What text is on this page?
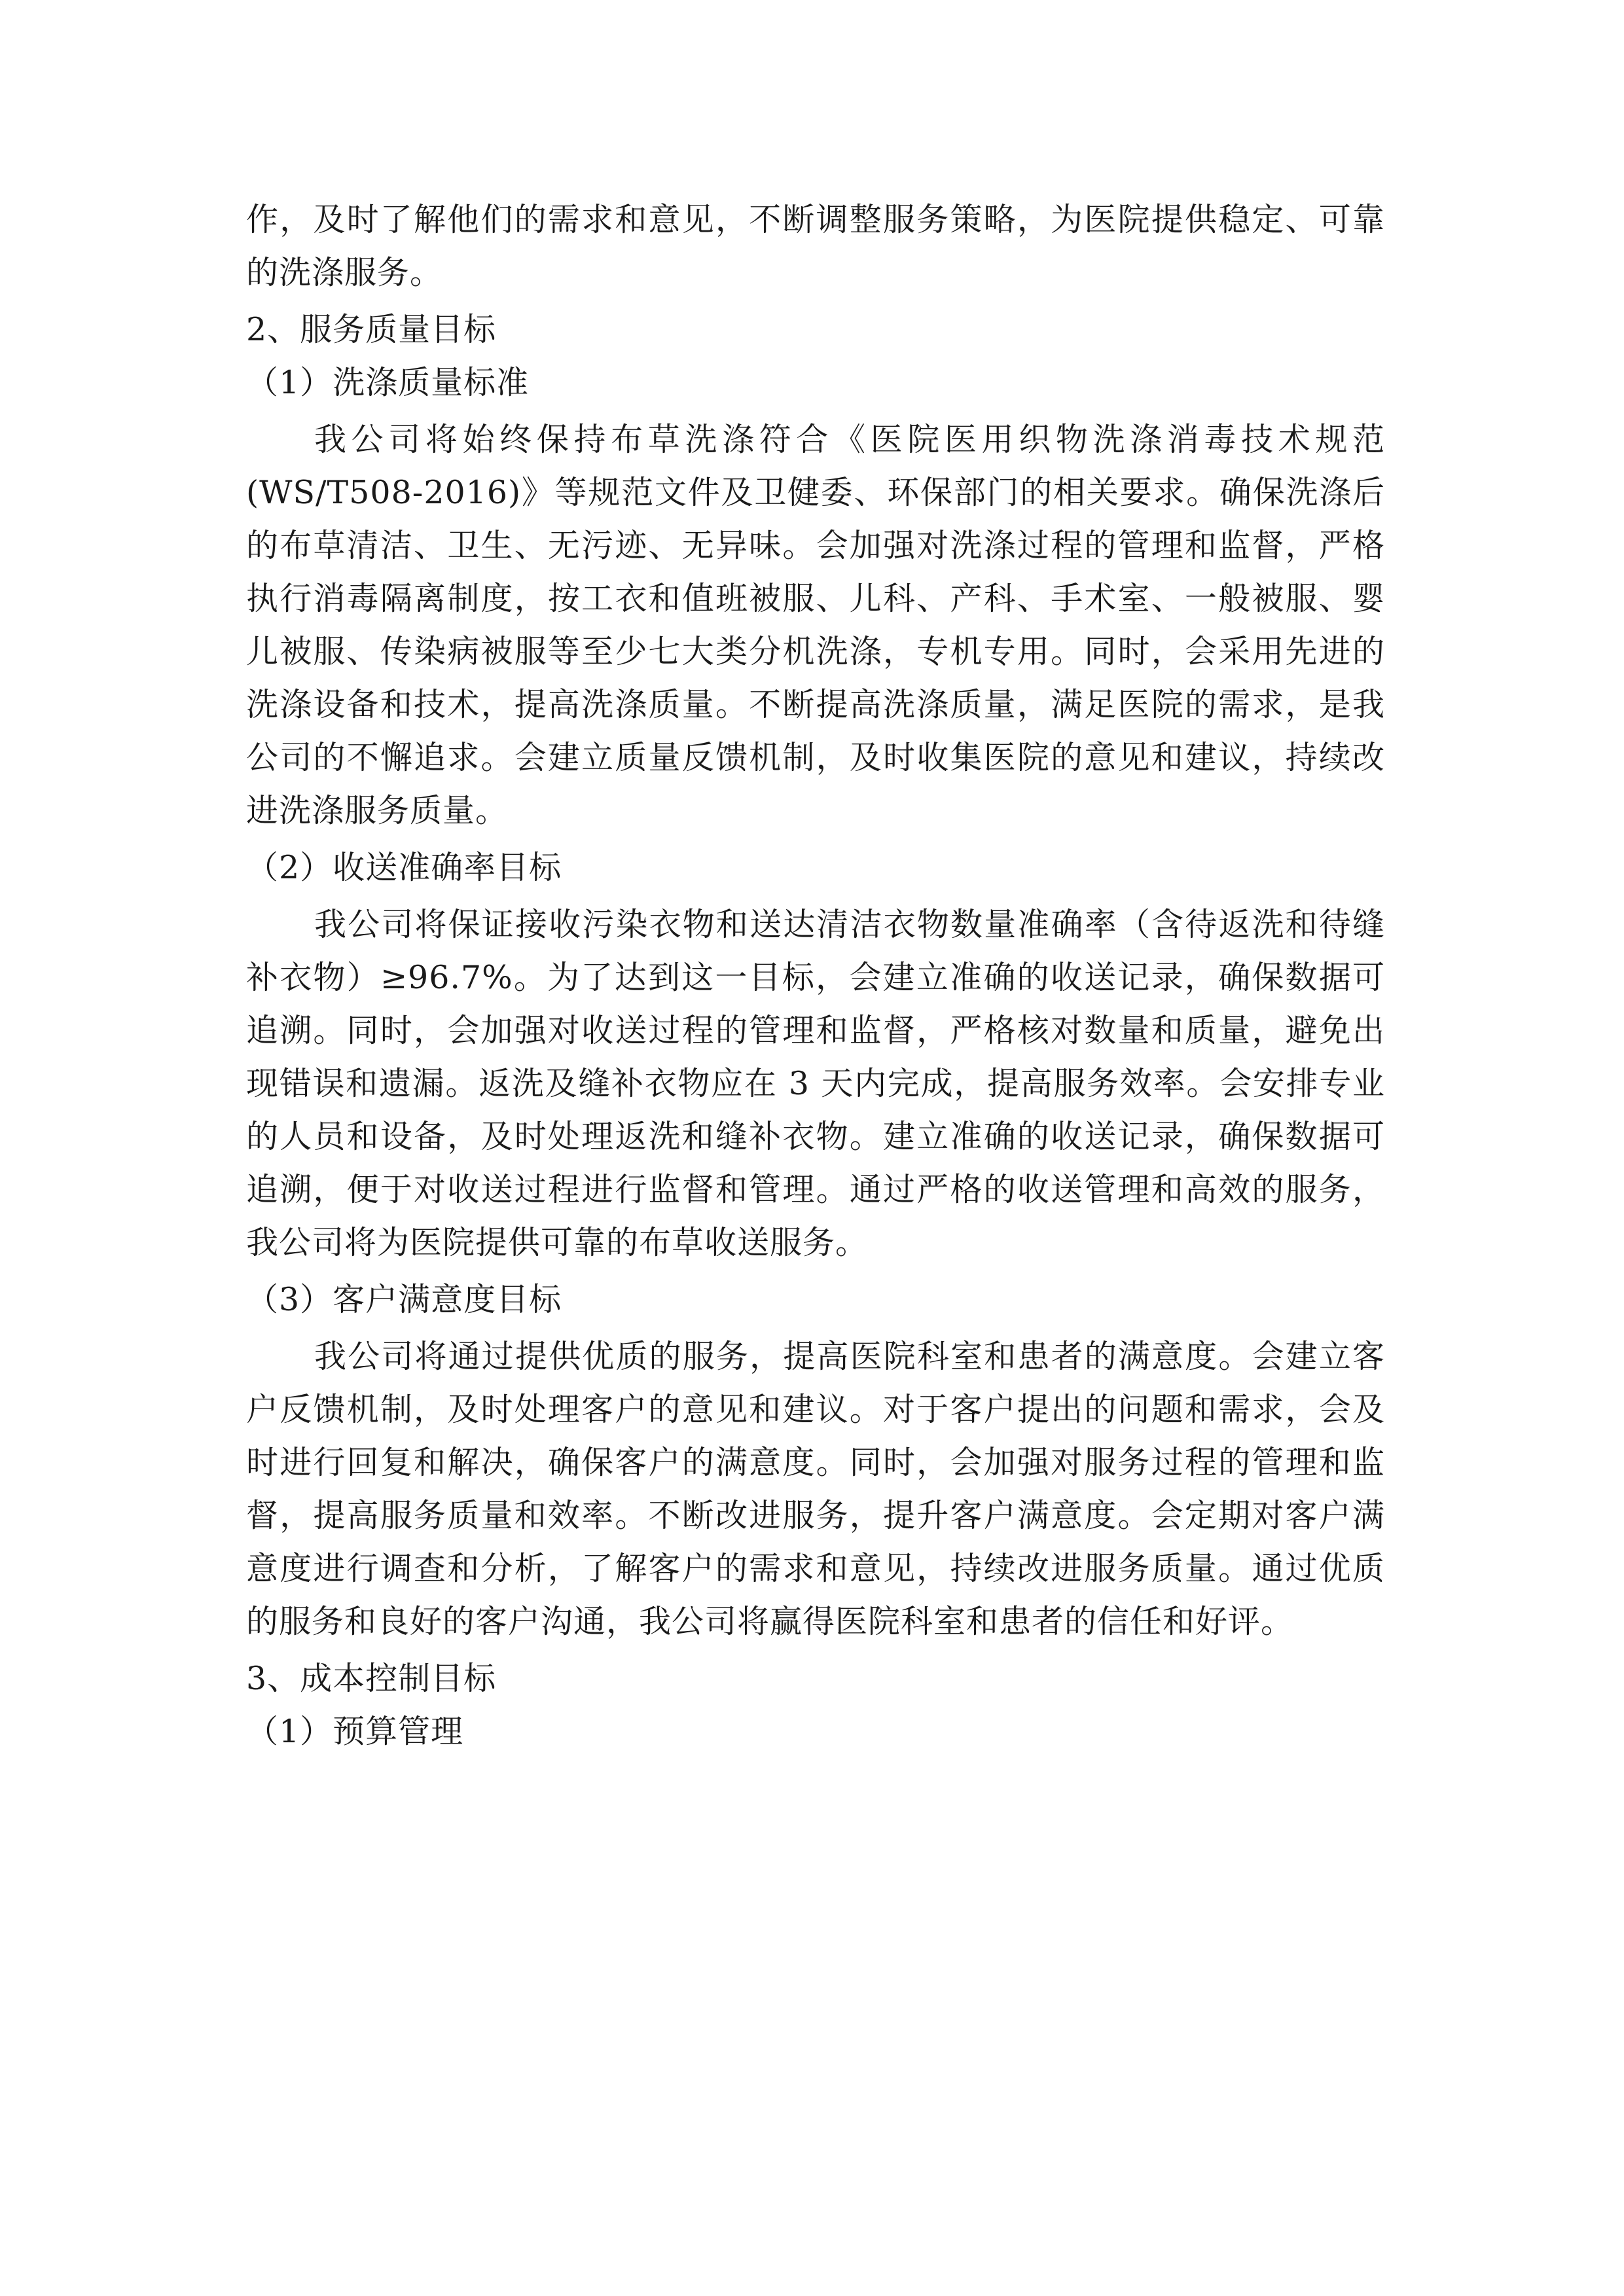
作，及时了解他们的需求和意见，不断调整服务策略，为医院提供稳定、可靠的洗涤服务。

2、服务质量目标

（1）洗涤质量标准

我公司将始终保持布草洗涤符合《医院医用织物洗涤消毒技术规范(WS/T508-2016)》等规范文件及卫健委、环保部门的相关要求。确保洗涤后的布草清洁、卫生、无污迹、无异味。会加强对洗涤过程的管理和监督，严格执行消毒隔离制度，按工衣和值班被服、儿科、产科、手术室、一般被服、婴儿被服、传染病被服等至少七大类分机洗涤，专机专用。同时，会采用先进的洗涤设备和技术，提高洗涤质量。不断提高洗涤质量，满足医院的需求，是我公司的不懈追求。会建立质量反馈机制，及时收集医院的意见和建议，持续改进洗涤服务质量。

（2）收送准确率目标

我公司将保证接收污染衣物和送达清洁衣物数量准确率（含待返洗和待缝补衣物）≥96.7%。为了达到这一目标，会建立准确的收送记录，确保数据可追溯。同时，会加强对收送过程的管理和监督，严格核对数量和质量，避免出现错误和遗漏。返洗及缝补衣物应在 3 天内完成，提高服务效率。会安排专业的人员和设备，及时处理返洗和缝补衣物。建立准确的收送记录，确保数据可追溯，便于对收送过程进行监督和管理。通过严格的收送管理和高效的服务，我公司将为医院提供可靠的布草收送服务。

（3）客户满意度目标

我公司将通过提供优质的服务，提高医院科室和患者的满意度。会建立客户反馈机制，及时处理客户的意见和建议。对于客户提出的问题和需求，会及时进行回复和解决，确保客户的满意度。同时，会加强对服务过程的管理和监督，提高服务质量和效率。不断改进服务，提升客户满意度。会定期对客户满意度进行调查和分析，了解客户的需求和意见，持续改进服务质量。通过优质的服务和良好的客户沟通，我公司将赢得医院科室和患者的信任和好评。

3、成本控制目标

（1）预算管理
